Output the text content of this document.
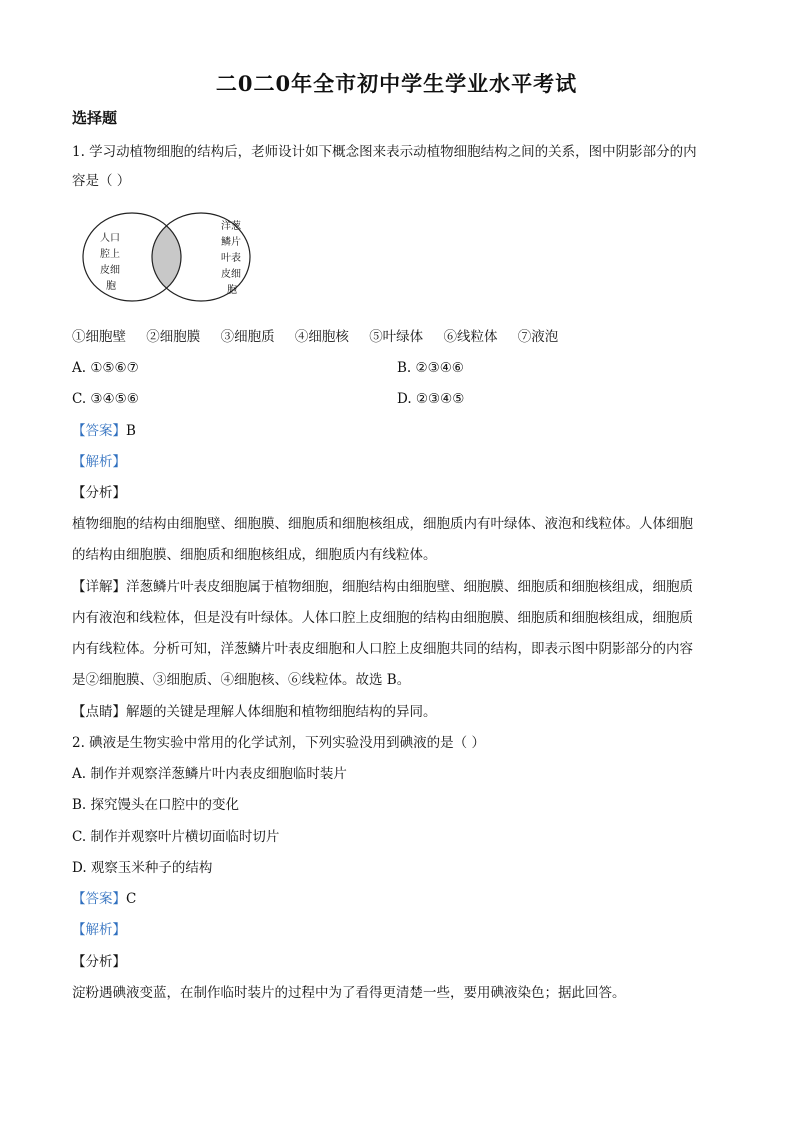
二0二0年全市初中学生学业水平考试
选择题
1. 学习动植物细胞的结构后，老师设计如下概念图来表示动植物细胞结构之间的关系，图中阴影部分的内
容是（ ）
人口
腔上
皮细
胞
洋葱
鳞片
叶表
皮细
胞
①细胞壁 ②细胞膜 ③细胞质 ④细胞核 ⑤叶绿体 ⑥线粒体 ⑦液泡
A. ①⑤⑥⑦	B. ②③④⑥
C. ③④⑤⑥	D. ②③④⑤
【答案】B
【解析】
【分析】
植物细胞的结构由细胞壁、细胞膜、细胞质和细胞核组成，细胞质内有叶绿体、液泡和线粒体。人体细胞
的结构由细胞膜、细胞质和细胞核组成，细胞质内有线粒体。
【详解】洋葱鳞片叶表皮细胞属于植物细胞，细胞结构由细胞壁、细胞膜、细胞质和细胞核组成，细胞质
内有液泡和线粒体，但是没有叶绿体。人体口腔上皮细胞的结构由细胞膜、细胞质和细胞核组成，细胞质
内有线粒体。分析可知，洋葱鳞片叶表皮细胞和人口腔上皮细胞共同的结构，即表示图中阴影部分的内容
是②细胞膜、③细胞质、④细胞核、⑥线粒体。故选 B。
【点睛】解题的关键是理解人体细胞和植物细胞结构的异同。
2. 碘液是生物实验中常用的化学试剂，下列实验没用到碘液的是（ ）
A. 制作并观察洋葱鳞片叶内表皮细胞临时装片
B. 探究馒头在口腔中的变化
C. 制作并观察叶片横切面临时切片
D. 观察玉米种子的结构
【答案】C
【解析】
【分析】
淀粉遇碘液变蓝，在制作临时装片的过程中为了看得更清楚一些，要用碘液染色；据此回答。
